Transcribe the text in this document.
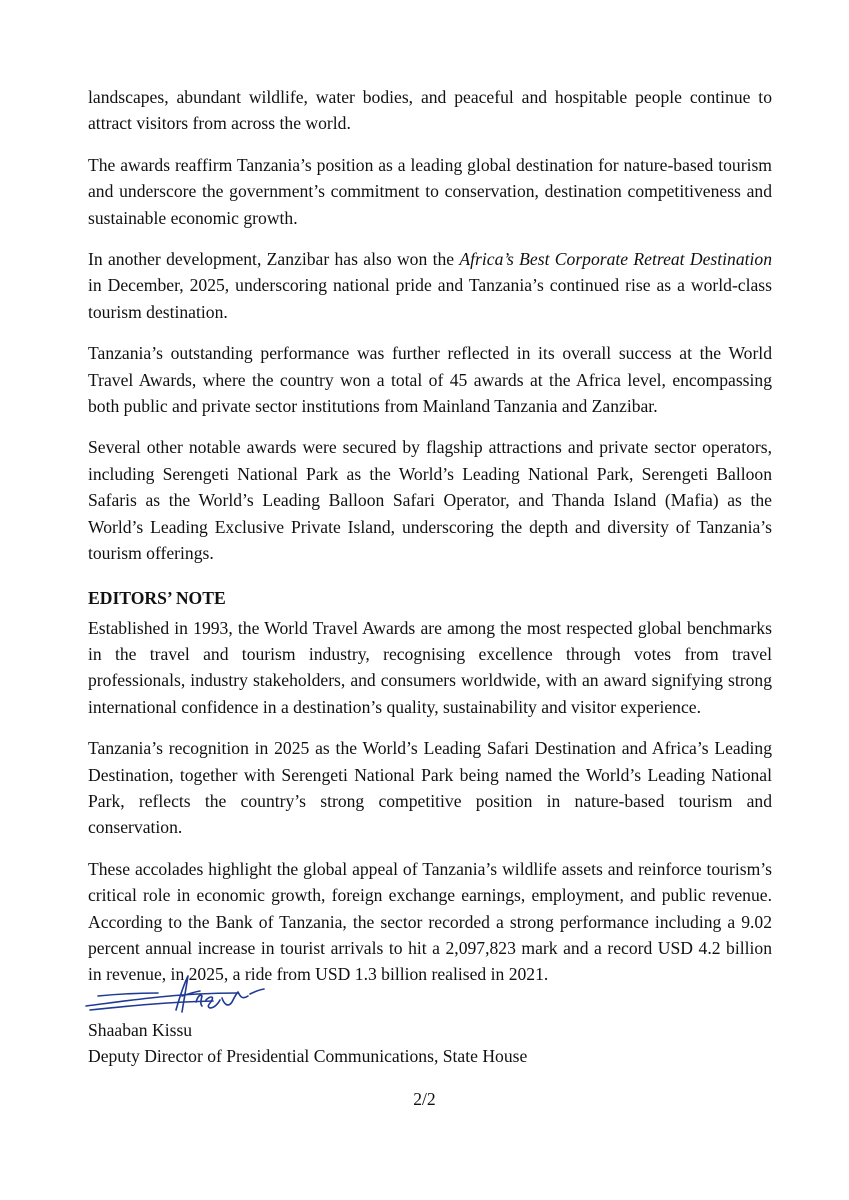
landscapes, abundant wildlife, water bodies, and peaceful and hospitable people continue to attract visitors from across the world.

The awards reaffirm Tanzania’s position as a leading global destination for nature-based tourism and underscore the government’s commitment to conservation, destination competitiveness and sustainable economic growth.

In another development, Zanzibar has also won the Africa’s Best Corporate Retreat Destination in December, 2025, underscoring national pride and Tanzania’s continued rise as a world-class tourism destination.

Tanzania’s outstanding performance was further reflected in its overall success at the World Travel Awards, where the country won a total of 45 awards at the Africa level, encompassing both public and private sector institutions from Mainland Tanzania and Zanzibar.

Several other notable awards were secured by flagship attractions and private sector operators, including Serengeti National Park as the World’s Leading National Park, Serengeti Balloon Safaris as the World’s Leading Balloon Safari Operator, and Thanda Island (Mafia) as the World’s Leading Exclusive Private Island, underscoring the depth and diversity of Tanzania’s tourism offerings.

EDITORS’ NOTE

Established in 1993, the World Travel Awards are among the most respected global benchmarks in the travel and tourism industry, recognising excellence through votes from travel professionals, industry stakeholders, and consumers worldwide, with an award signifying strong international confidence in a destination’s quality, sustainability and visitor experience.

Tanzania’s recognition in 2025 as the World’s Leading Safari Destination and Africa’s Leading Destination, together with Serengeti National Park being named the World’s Leading National Park, reflects the country’s strong competitive position in nature-based tourism and conservation.

These accolades highlight the global appeal of Tanzania’s wildlife assets and reinforce tourism’s critical role in economic growth, foreign exchange earnings, employment, and public revenue. According to the Bank of Tanzania, the sector recorded a strong performance including a 9.02 percent annual increase in tourist arrivals to hit a 2,097,823 mark and a record USD 4.2 billion in revenue, in 2025, a ride from USD 1.3 billion realised in 2021.

Shaaban Kissu

Deputy Director of Presidential Communications, State House

2/2
